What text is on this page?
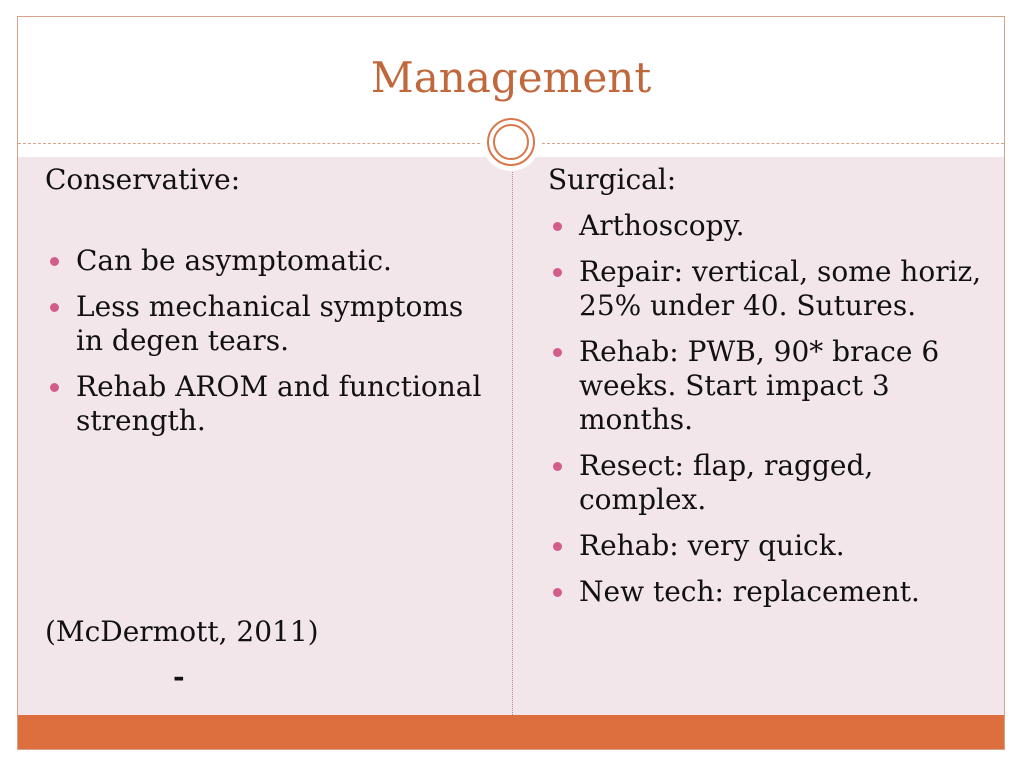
Management

Conservative:

Can be asymptomatic.
Less mechanical symptoms in degen tears.
Rehab AROM and functional strength.
(McDermott, 2011)
-

Surgical:

Arthoscopy.
Repair: vertical, some horiz, 25% under 40. Sutures.
Rehab: PWB, 90* brace 6 weeks. Start impact 3 months.
Resect: flap, ragged, complex.
Rehab: very quick.
New tech: replacement.
